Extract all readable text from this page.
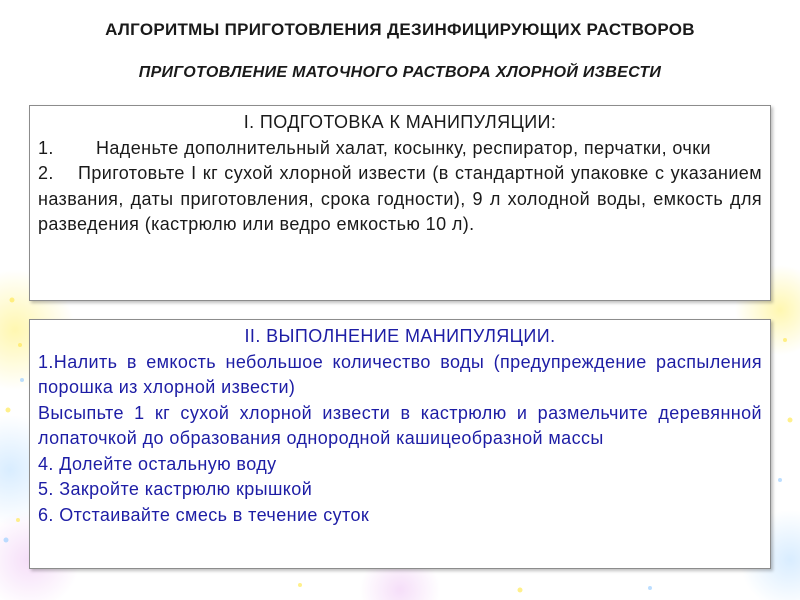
АЛГОРИТМЫ ПРИГОТОВЛЕНИЯ ДЕЗИНФИЦИРУЮЩИХ РАСТВОРОВ
ПРИГОТОВЛЕНИЕ МАТОЧНОГО РАСТВОРА ХЛОРНОЙ ИЗВЕСТИ
I. ПОДГОТОВКА К МАНИПУЛЯЦИИ:

1. Наденьте дополнительный халат, косынку, респиратор, перчатки, очки

2. Приготовьте I кг сухой хлорной извести (в стандартной упаковке с указанием названия, даты приготовления, срока годности), 9 л холодной воды, емкость для разведения (кастрюлю или ведро емкостью 10 л).

II. ВЫПОЛНЕНИЕ МАНИПУЛЯЦИИ.

1.Налить в емкость небольшое количество воды (предупреждение распыления порошка из хлорной извести)

Высыпьте 1 кг сухой хлорной извести в кастрюлю и размельчите деревянной лопаточкой до образования однородной кашицеобразной массы

4. Долейте остальную воду

5. Закройте кастрюлю крышкой

6. Отстаивайте смесь в течение суток
